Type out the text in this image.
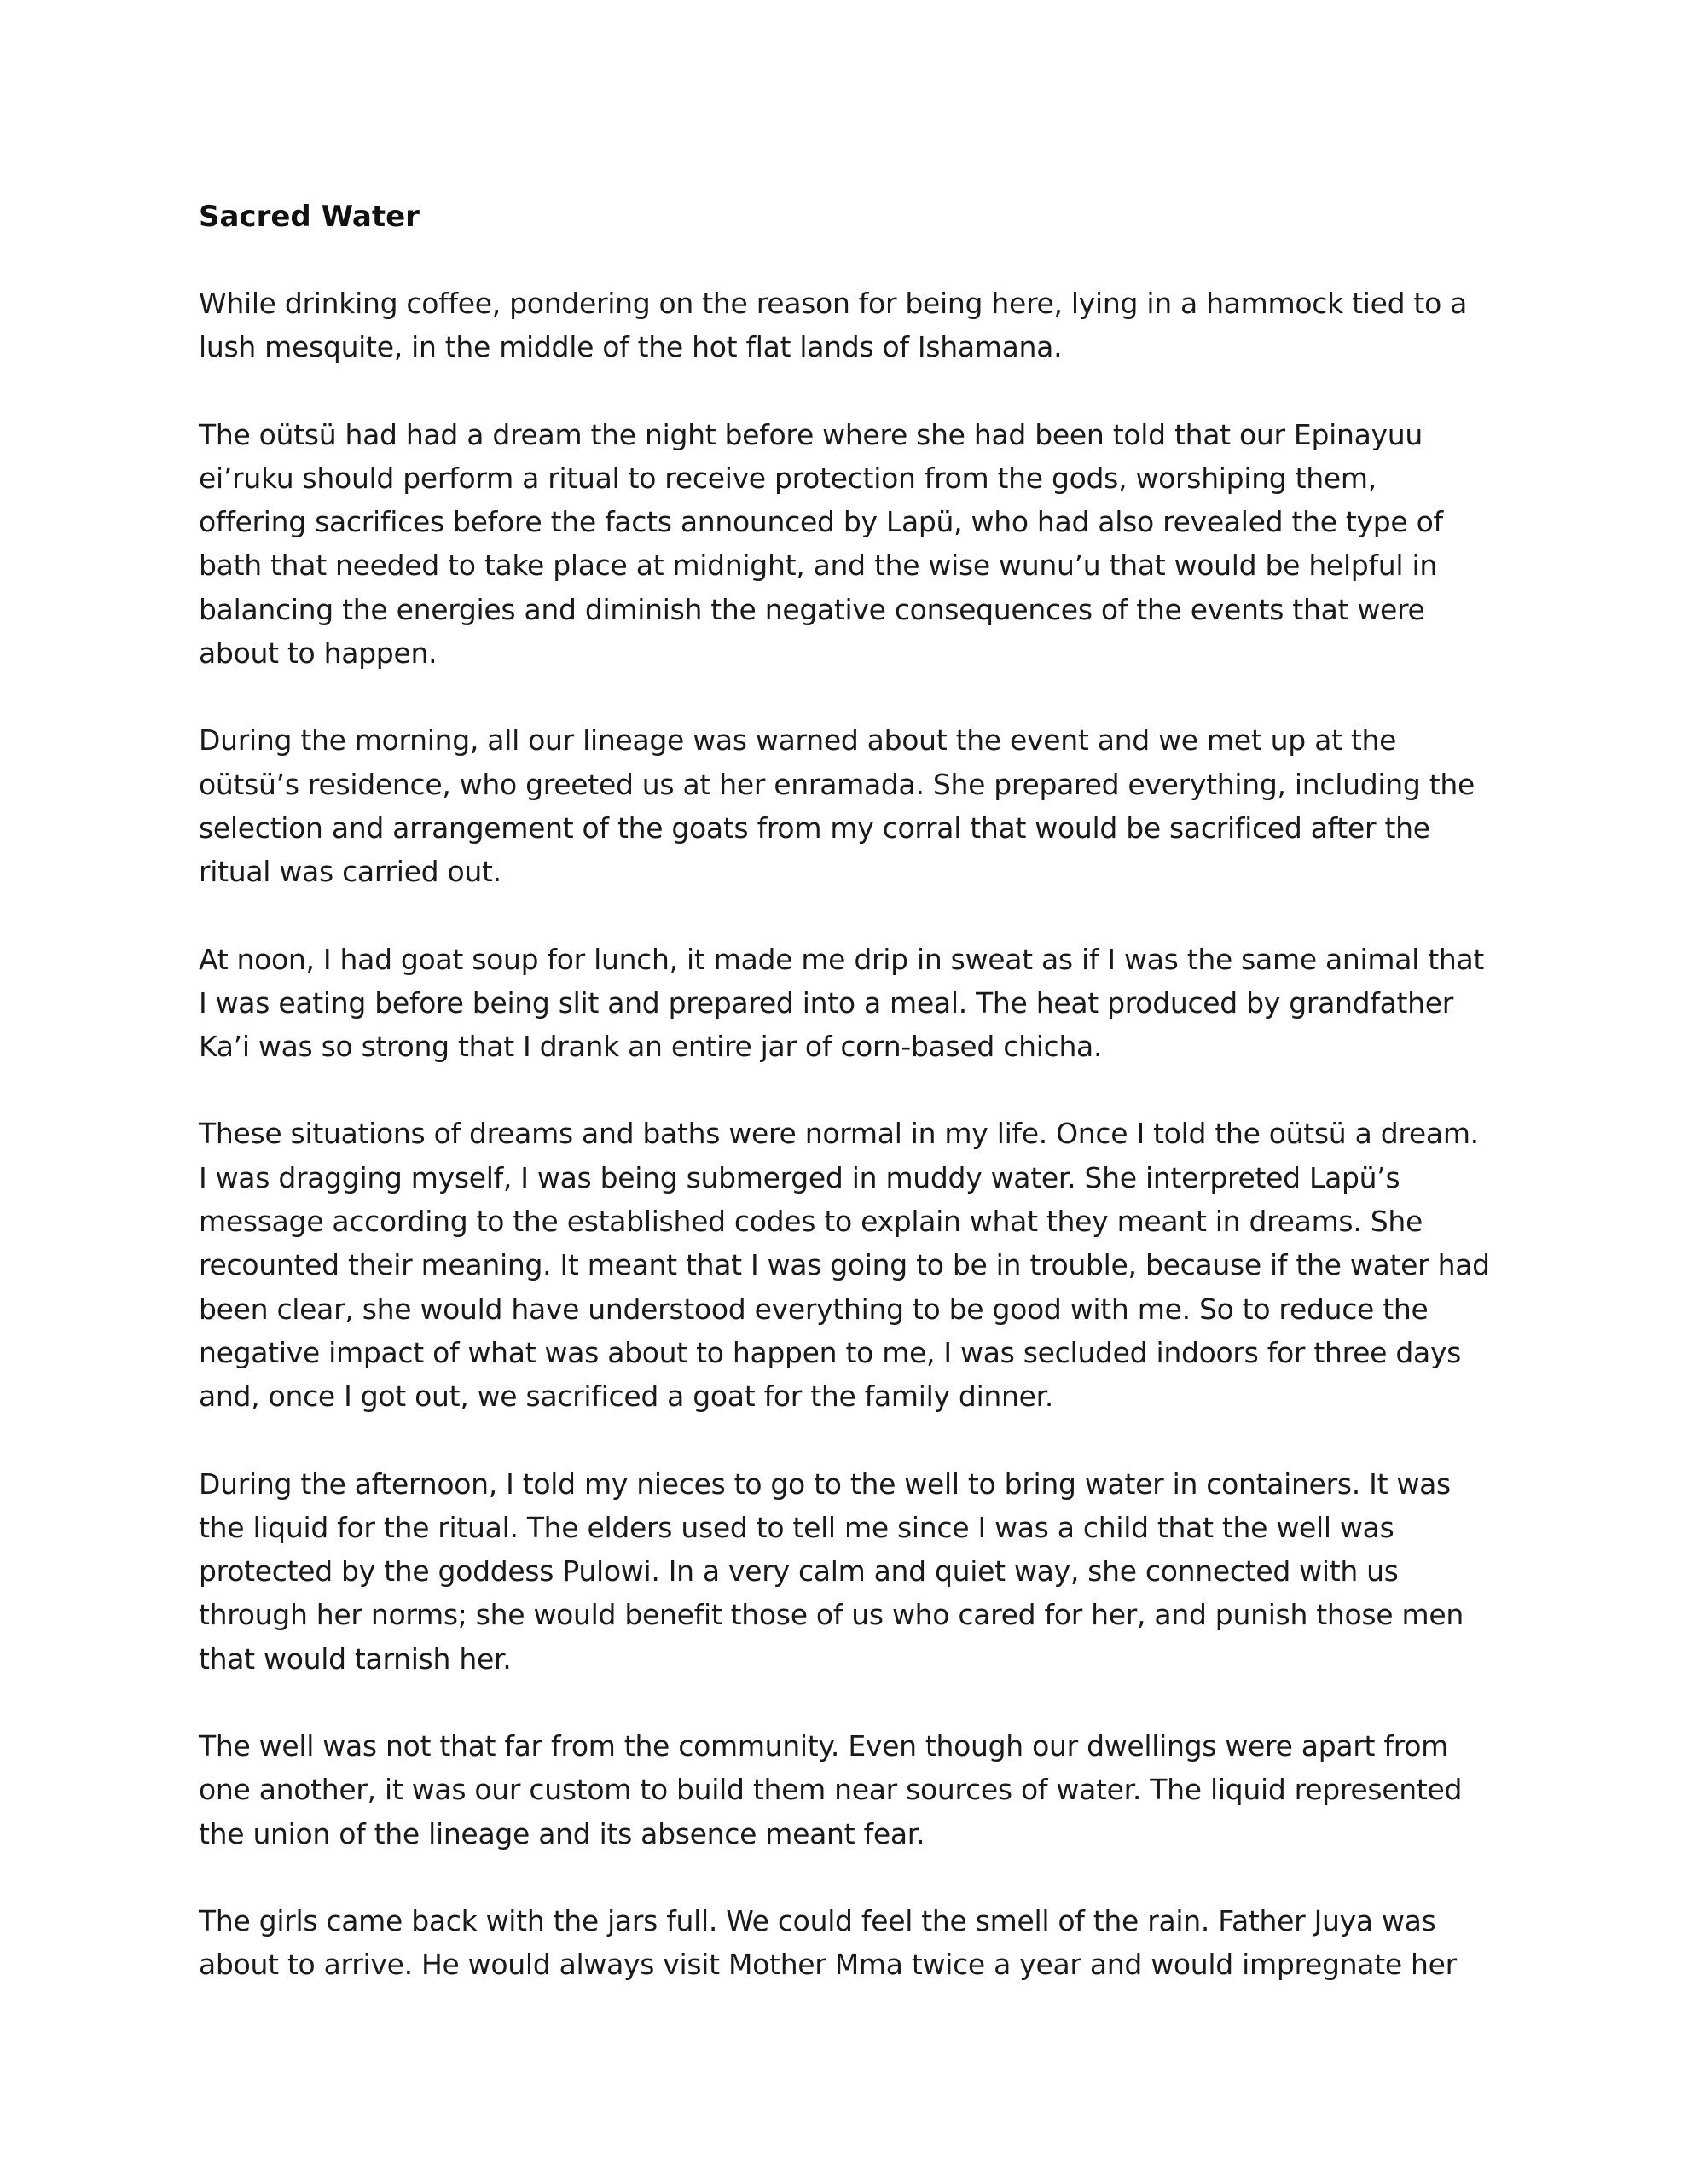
Sacred Water
While drinking coffee, pondering on the reason for being here, lying in a hammock tied to a
lush mesquite, in the middle of the hot flat lands of Ishamana.
The oütsü had had a dream the night before where she had been told that our Epinayuu
ei’ruku should perform a ritual to receive protection from the gods, worshiping them,
offering sacrifices before the facts announced by Lapü, who had also revealed the type of
bath that needed to take place at midnight, and the wise wunu’u that would be helpful in
balancing the energies and diminish the negative consequences of the events that were
about to happen.
During the morning, all our lineage was warned about the event and we met up at the
oütsü’s residence, who greeted us at her enramada. She prepared everything, including the
selection and arrangement of the goats from my corral that would be sacrificed after the
ritual was carried out.
At noon, I had goat soup for lunch, it made me drip in sweat as if I was the same animal that
I was eating before being slit and prepared into a meal. The heat produced by grandfather
Ka’i was so strong that I drank an entire jar of corn-based chicha.
These situations of dreams and baths were normal in my life. Once I told the oütsü a dream.
I was dragging myself, I was being submerged in muddy water. She interpreted Lapü’s
message according to the established codes to explain what they meant in dreams. She
recounted their meaning. It meant that I was going to be in trouble, because if the water had
been clear, she would have understood everything to be good with me. So to reduce the
negative impact of what was about to happen to me, I was secluded indoors for three days
and, once I got out, we sacrificed a goat for the family dinner.
During the afternoon, I told my nieces to go to the well to bring water in containers. It was
the liquid for the ritual. The elders used to tell me since I was a child that the well was
protected by the goddess Pulowi. In a very calm and quiet way, she connected with us
through her norms; she would benefit those of us who cared for her, and punish those men
that would tarnish her.
The well was not that far from the community. Even though our dwellings were apart from
one another, it was our custom to build them near sources of water. The liquid represented
the union of the lineage and its absence meant fear.
The girls came back with the jars full. We could feel the smell of the rain. Father Juya was
about to arrive. He would always visit Mother Mma twice a year and would impregnate her
